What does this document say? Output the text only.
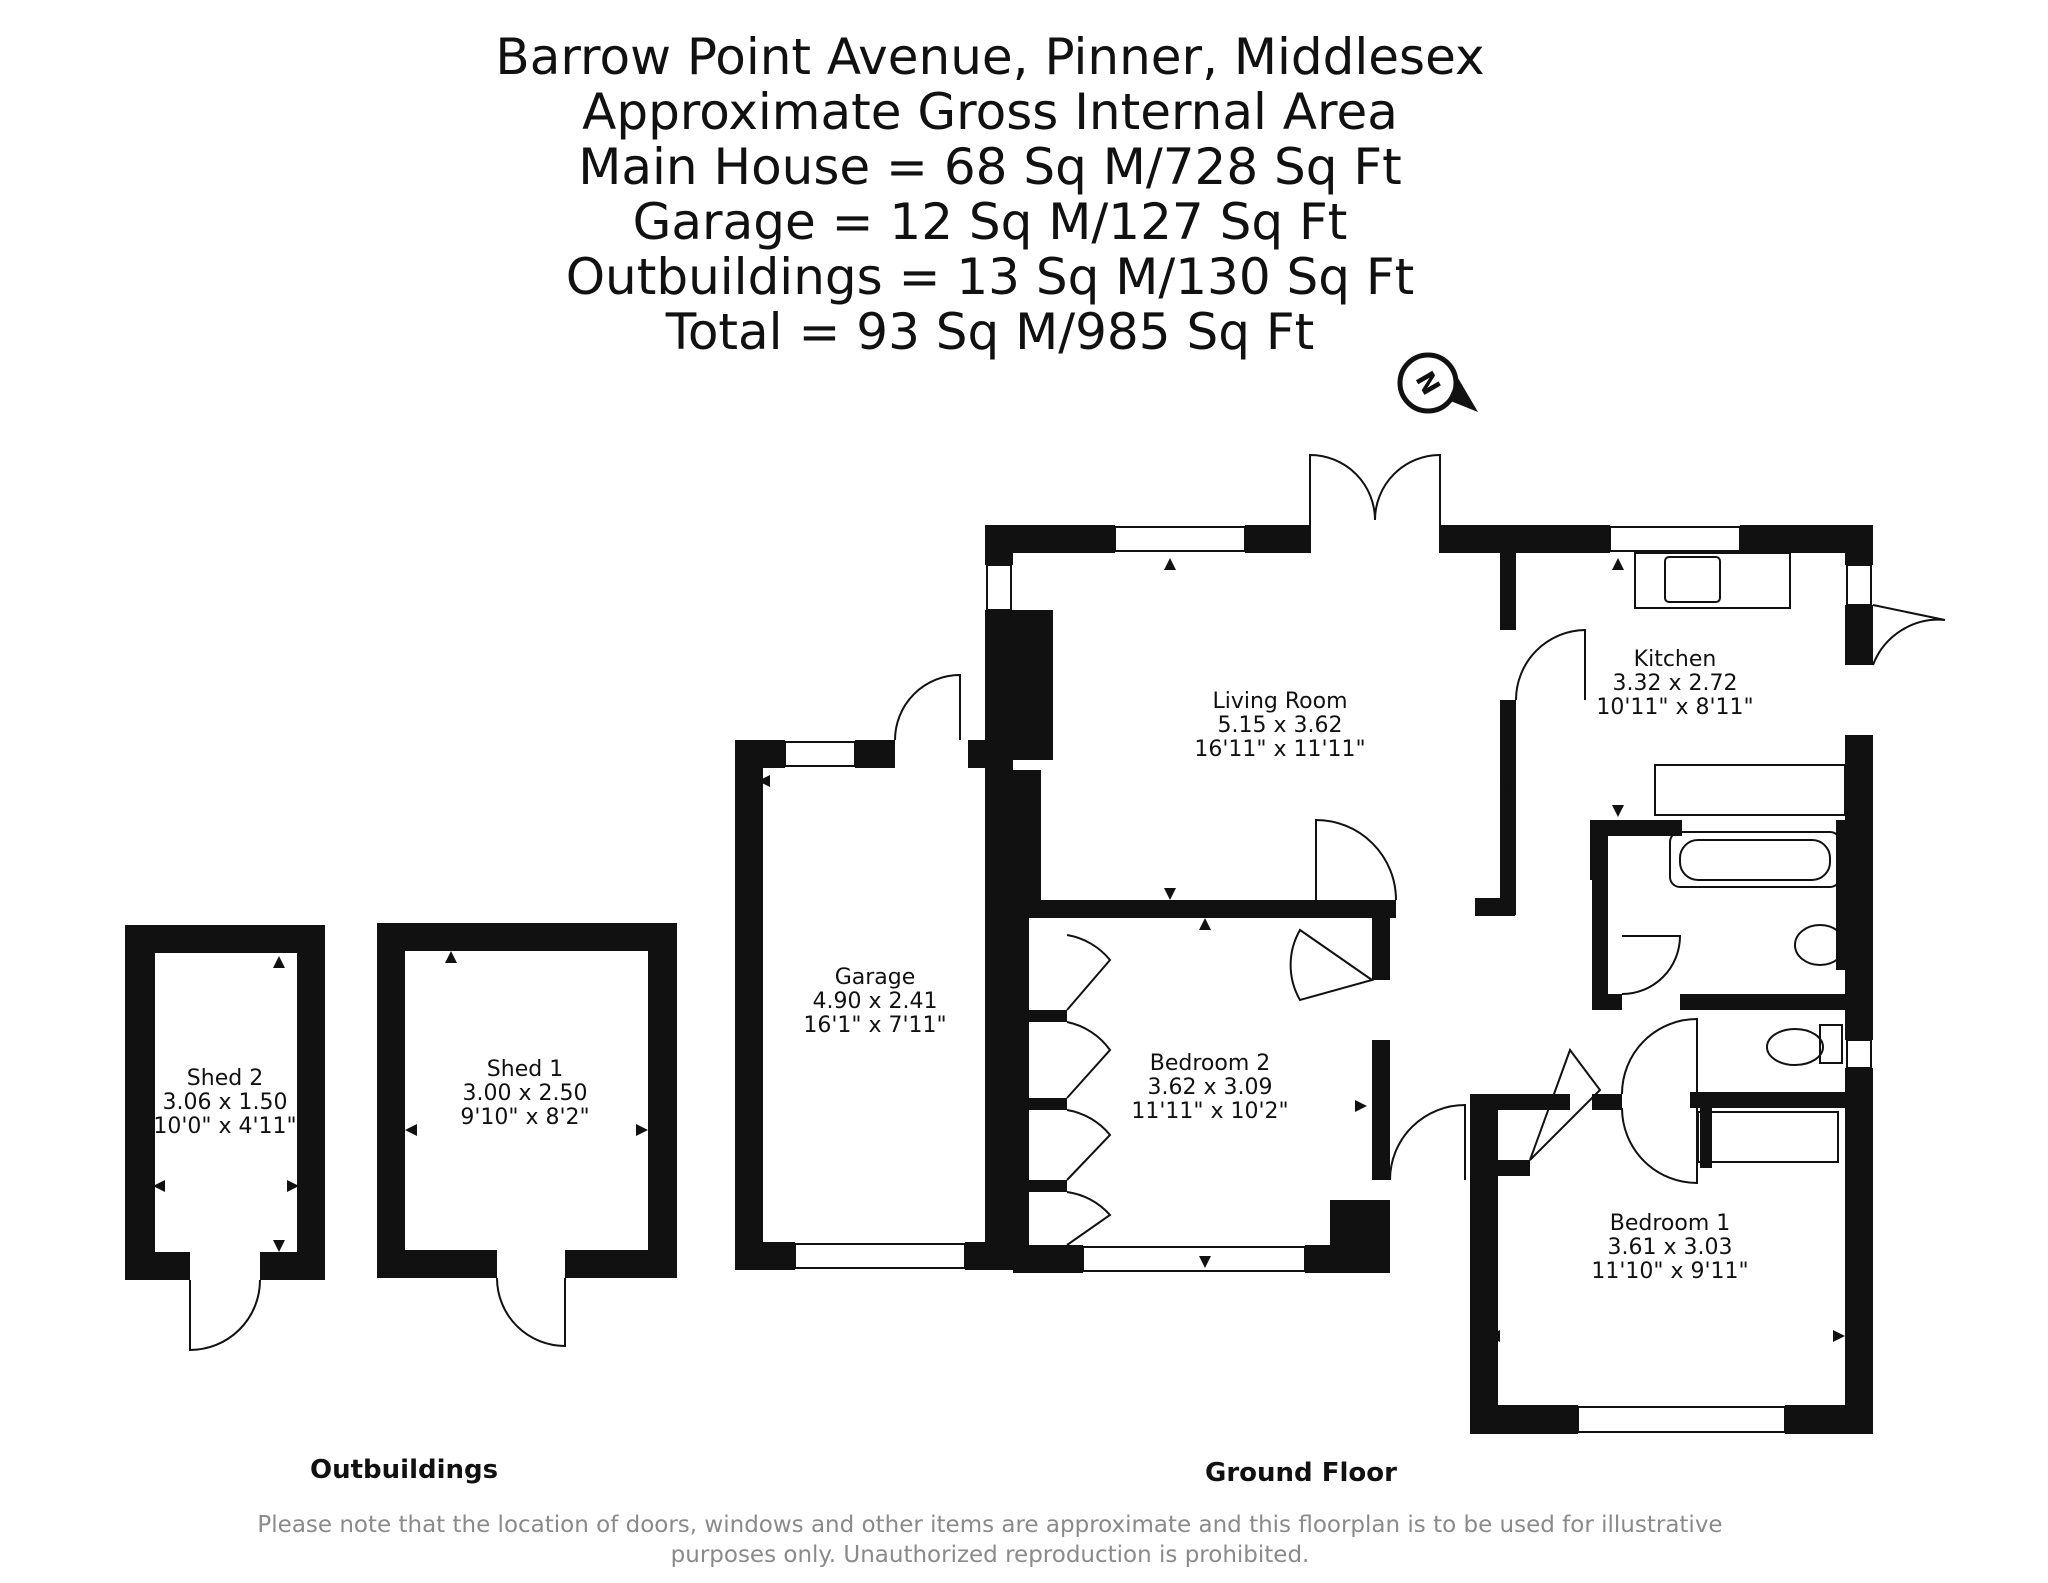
Barrow Point Avenue, Pinner, Middlesex
Approximate Gross Internal Area
Main House = 68 Sq M/728 Sq Ft
Garage = 12 Sq M/127 Sq Ft
Outbuildings = 13 Sq M/130 Sq Ft
Total = 93 Sq M/985 Sq Ft
N
Living Room
5.15 x 3.62
16'11" x 11'11"
Kitchen
3.32 x 2.72
10'11" x 8'11"
Garage
4.90 x 2.41
16'1" x 7'11"
Bedroom 2
3.62 x 3.09
11'11" x 10'2"
Bedroom 1
3.61 x 3.03
11'10" x 9'11"
Shed 1
3.00 x 2.50
9'10" x 8'2"
Shed 2
3.06 x 1.50
10'0" x 4'11"
Outbuildings	Ground Floor
Please note that the location of doors, windows and other items are approximate and this floorplan is to be used for illustrative
purposes only. Unauthorized reproduction is prohibited.
